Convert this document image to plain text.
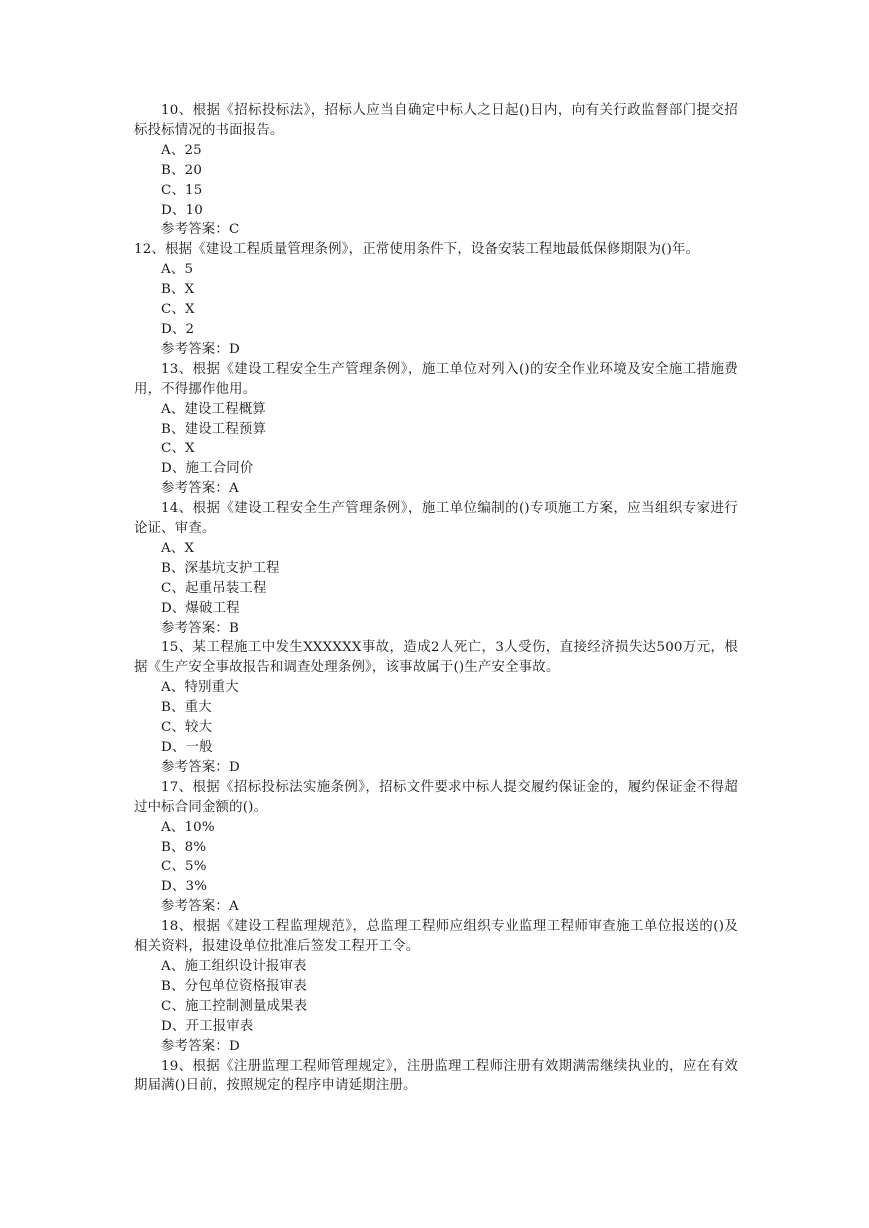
10、根据《招标投标法》，招标人应当自确定中标人之日起()日内，向有关行政监督部门提交招标投标情况的书面报告。

A、25
B、20
C、15
D、10
参考答案：C

12、根据《建设工程质量管理条例》，正常使用条件下，设备安装工程地最低保修期限为()年。

A、5
B、X
C、X
D、2
参考答案：D

13、根据《建设工程安全生产管理条例》，施工单位对列入()的安全作业环境及安全施工措施费用，不得挪作他用。

A、建设工程概算
B、建设工程预算
C、X
D、施工合同价
参考答案：A

14、根据《建设工程安全生产管理条例》，施工单位编制的()专项施工方案，应当组织专家进行论证、审查。

A、X
B、深基坑支护工程
C、起重吊装工程
D、爆破工程
参考答案：B

15、某工程施工中发生XXXXXX事故，造成2人死亡，3人受伤，直接经济损失达500万元，根据《生产安全事故报告和调查处理条例》，该事故属于()生产安全事故。

A、特别重大
B、重大
C、较大
D、一般
参考答案：D

17、根据《招标投标法实施条例》，招标文件要求中标人提交履约保证金的，履约保证金不得超过中标合同金额的()。

A、10%
B、8%
C、5%
D、3%
参考答案：A

18、根据《建设工程监理规范》，总监理工程师应组织专业监理工程师审查施工单位报送的()及相关资料，报建设单位批准后签发工程开工令。

A、施工组织设计报审表
B、分包单位资格报审表
C、施工控制测量成果表
D、开工报审表
参考答案：D

19、根据《注册监理工程师管理规定》，注册监理工程师注册有效期满需继续执业的，应在有效期届满()日前，按照规定的程序申请延期注册。
